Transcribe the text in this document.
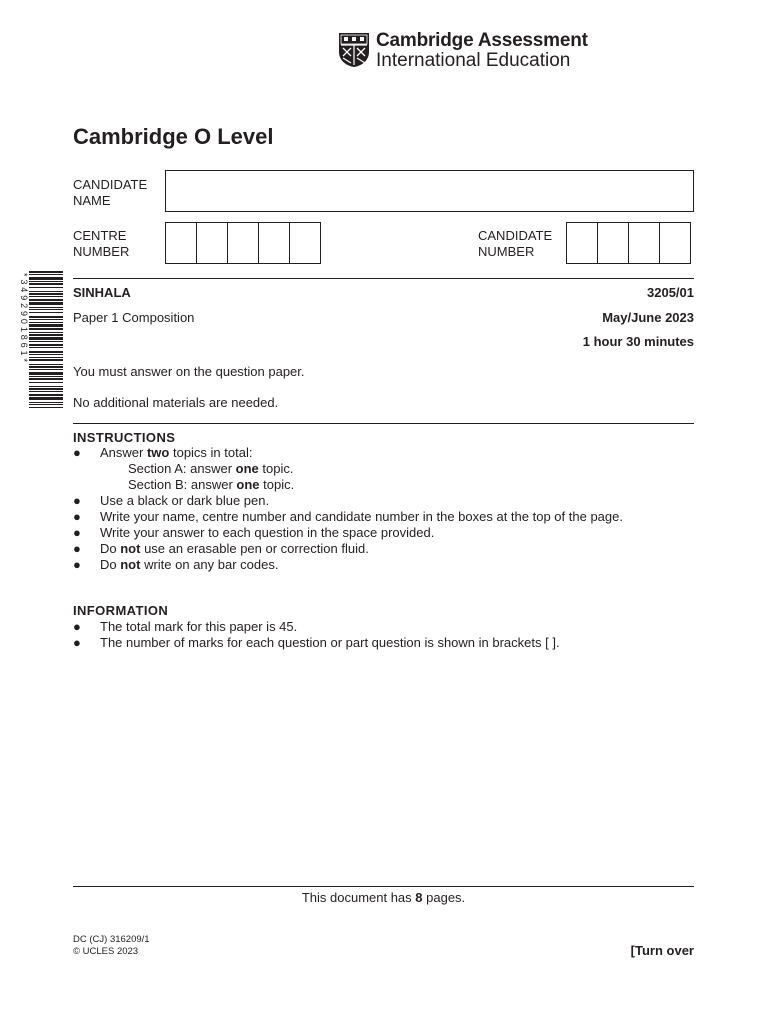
Cambridge Assessment
International Education
Cambridge O Level
CANDIDATE
NAME
CENTRE
NUMBER
CANDIDATE
NUMBER
*3492901861*	SINHALA	3205/01
Paper 1 Composition	May/June 2023
1 hour 30 minutes
You must answer on the question paper.
No additional materials are needed.
INSTRUCTIONS
● Answer two topics in total:
Section A: answer one topic.
Section B: answer one topic.
● Use a black or dark blue pen.
● Write your name, centre number and candidate number in the boxes at the top of the page.
● Write your answer to each question in the space provided.
● Do not use an erasable pen or correction fluid.
● Do not write on any bar codes.
INFORMATION
● The total mark for this paper is 45.
● The number of marks for each question or part question is shown in brackets [ ].
This document has 8 pages.
DC (CJ) 316209/1
© UCLES 2023	[Turn over
